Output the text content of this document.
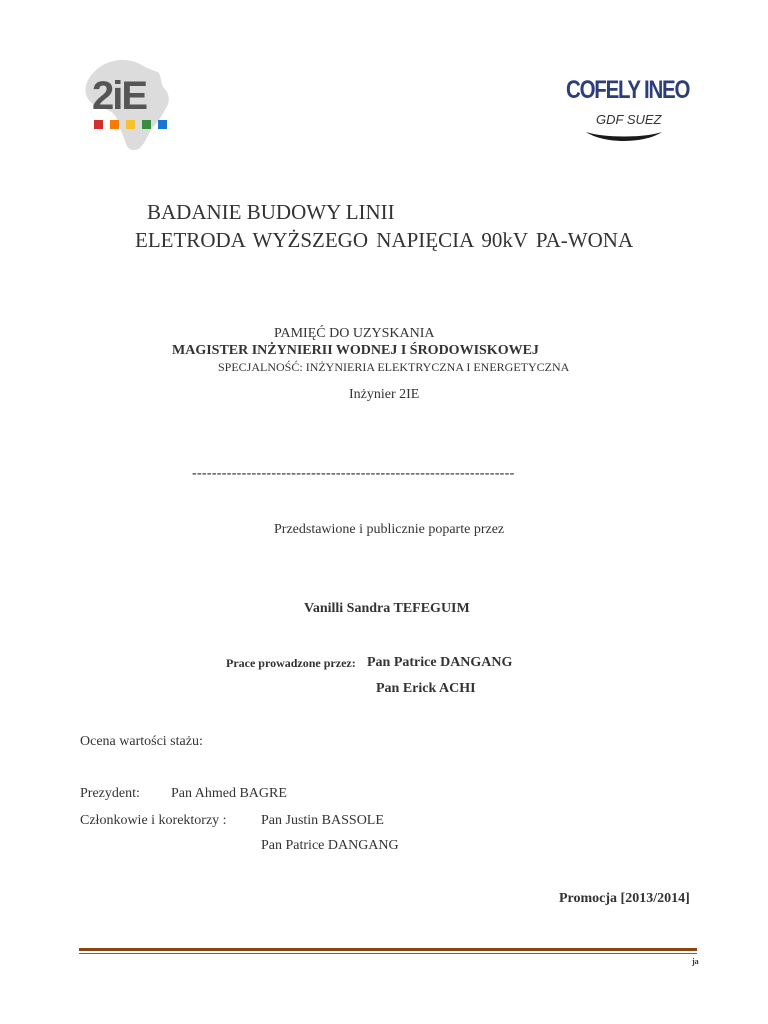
2iE	COFELY INEO
GDF SUEZ
BADANIE BUDOWY LINII
ELETRODA WYŻSZEGO NAPIĘCIA 90kV PA-WONA
PAMIĘĆ DO UZYSKANIA
MAGISTER INŻYNIERII WODNEJ I ŚRODOWISKOWEJ
SPECJALNOŚĆ: INŻYNIERIA ELEKTRYCZNA I ENERGETYCZNA
Inżynier 2IE
-----------------------------------------------------------------
Przedstawione i publicznie poparte przez
Vanilli Sandra TEFEGUIM
Prace prowadzone przez: Pan Patrice DANGANG
Pan Erick ACHI
Ocena wartości stażu:
Prezydent: Pan Ahmed BAGRE
Członkowie i korektorzy : Pan Justin BASSOLE
Pan Patrice DANGANG
Promocja [2013/2014]
ja
